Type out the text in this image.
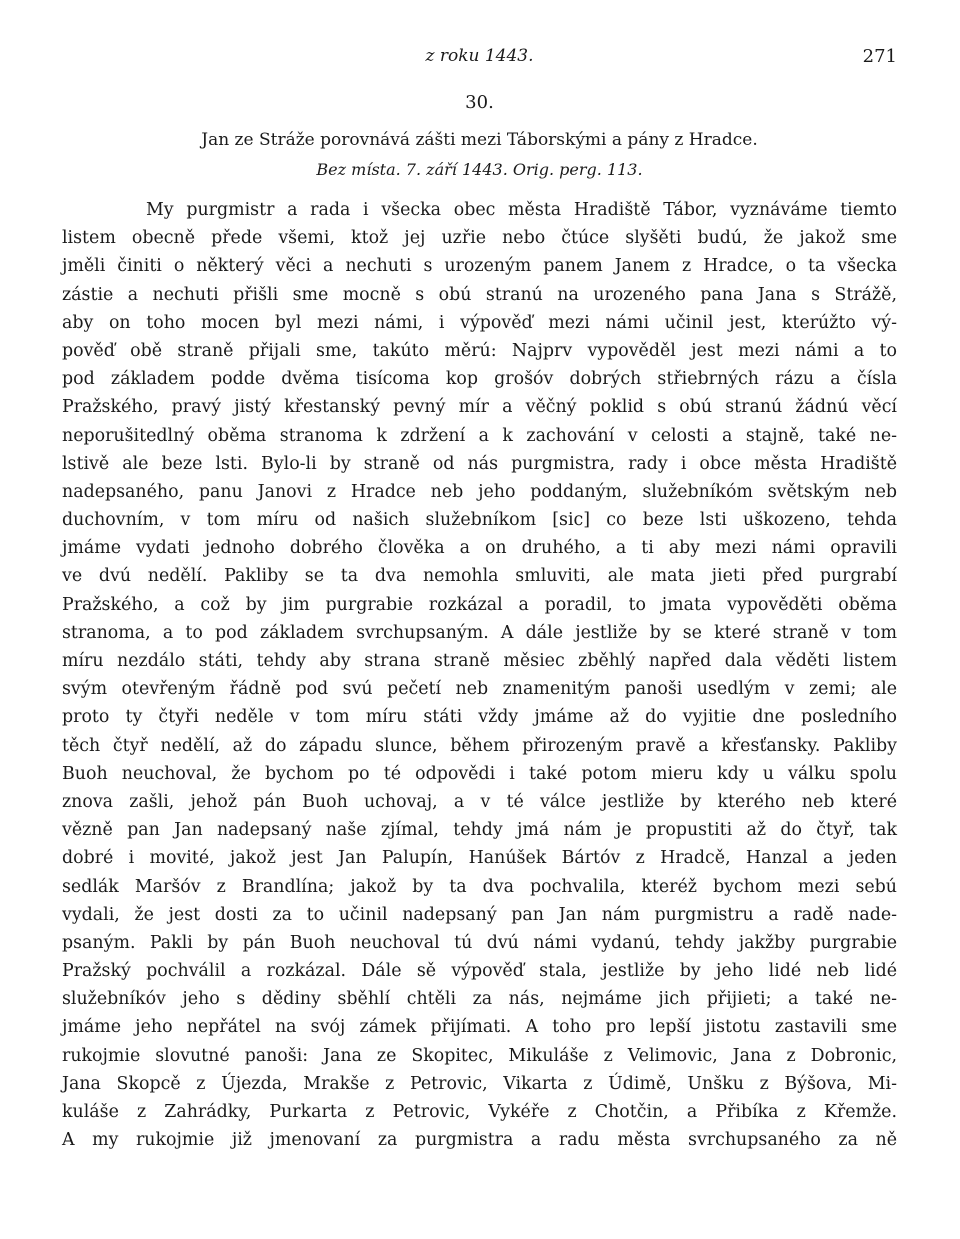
z roku 1443.	271
30.
Jan ze Stráže porovnává zášti mezi Táborskými a pány z Hradce.
Bez místa. 7. září 1443. Orig. perg. 113.
My purgmistr a rada i všecka obec města Hradiště Tábor, vyznáváme tiemto
listem obecně přede všemi, ktož jej uzřie nebo čtúce slyšěti budú, že jakož sme
jměli činiti o některý věci a nechuti s urozeným panem Janem z Hradce, o ta všecka
zástie a nechuti přišli sme mocně s obú stranú na urozeného pana Jana s Strážě,
aby on toho mocen byl mezi námi, i výpověď mezi námi učinil jest, kterúžto vý-
pověď obě straně přijali sme, takúto měrú: Najprv vypověděl jest mezi námi a to
pod základem podde dvěma tisícoma kop grošóv dobrých střiebrných rázu a čísla
Pražského, pravý jistý křestanský pevný mír a věčný poklid s obú stranú žádnú věcí
neporušitedlný oběma stranoma k zdržení a k zachování v celosti a stajně, také ne-
lstivě ale beze lsti. Bylo-li by straně od nás purgmistra, rady i obce města Hradiště
nadepsaného, panu Janovi z Hradce neb jeho poddaným, služebníkóm světským neb
duchovním, v tom míru od našich služebníkom [sic] co beze lsti uškozeno, tehda
jmáme vydati jednoho dobrého člověka a on druhého, a ti aby mezi námi opravili
ve dvú nedělí. Pakliby se ta dva nemohla smluviti, ale mata jieti před purgrabí
Pražského, a což by jim purgrabie rozkázal a poradil, to jmata vypověděti oběma
stranoma, a to pod základem svrchupsaným. A dále jestliže by se které straně v tom
míru nezdálo státi, tehdy aby strana straně měsiec zběhlý napřed dala věděti listem
svým otevřeným řádně pod svú pečetí neb znamenitým panoši usedlým v zemi; ale
proto ty čtyři neděle v tom míru státi vždy jmáme až do vyjitie dne posledního
těch čtyř nedělí, až do západu slunce, během přirozeným pravě a křesťansky. Pakliby
Buoh neuchoval, že bychom po té odpovědi i také potom mieru kdy u válku spolu
znova zašli, jehož pán Buoh uchovaj, a v té válce jestliže by kterého neb které
vězně pan Jan nadepsaný naše zjímal, tehdy jmá nám je propustiti až do čtyř, tak
dobré i movité, jakož jest Jan Palupín, Hanúšek Bártóv z Hradcě, Hanzal a jeden
sedlák Maršóv z Brandlína; jakož by ta dva pochvalila, kteréž bychom mezi sebú
vydali, že jest dosti za to učinil nadepsaný pan Jan nám purgmistru a radě nade-
psaným. Pakli by pán Buoh neuchoval tú dvú námi vydanú, tehdy jakžby purgrabie
Pražský pochválil a rozkázal. Dále sě výpověď stala, jestliže by jeho lidé neb lidé
služebníkóv jeho s dědiny sběhlí chtěli za nás, nejmáme jich přijieti; a také ne-
jmáme jeho nepřátel na svój zámek přijímati. A toho pro lepší jistotu zastavili sme
rukojmie slovutné panoši: Jana ze Skopitec, Mikuláše z Velimovic, Jana z Dobronic,
Jana Skopcě z Újezda, Mrakše z Petrovic, Vikarta z Údimě, Unšku z Býšova, Mi-
kuláše z Zahrádky, Purkarta z Petrovic, Vykéře z Chotčin, a Přibíka z Křemže.
A my rukojmie již jmenovaní za purgmistra a radu města svrchupsaného za ně
